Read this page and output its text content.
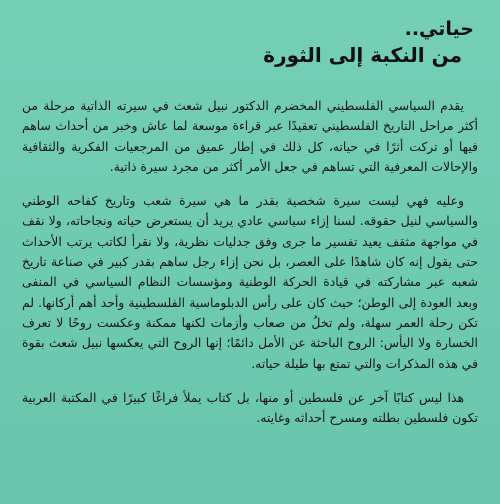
حياتي..
من النكبة إلى الثورة

يقدم السياسي الفلسطيني المخضرم الدكتور نبيل شعث في سيرته الذاتية مرحلة من أكثر مراحل التاريخ الفلسطيني تعقيدًا عبر قراءة موسعة لما عاش وخبر من أحداث ساهم فيها أو تركت أثرًا في حياته، كل ذلك في إطار عميق من المرجعيات الفكرية والثقافية والإحالات المعرفية التي تساهم في جعل الأمر أكثر من مجرد سيرة ذاتية.

وعليه فهي ليست سيرة شخصية بقدر ما هي سيرة شعب وتاريخ كفاحه الوطني والسياسي لنيل حقوقه. لسنا إزاء سياسي عادي يريد أن يستعرض حياته ونجاحاته، ولا نقف في مواجهة مثقف يعيد تفسير ما جرى وفق جدليات نظرية، ولا نقرأ لكاتب يرتب الأحداث حتى يقول إنه كان شاهدًا على العصر، بل نحن إزاء رجل ساهم بقدر كبير في صناعة تاريخ شعبه عبر مشاركته في قيادة الحركة الوطنية ومؤسسات النظام السياسي في المنفى وبعد العودة إلى الوطن؛ حيث كان على رأس الدبلوماسية الفلسطينية وأحد أهم أركانها. لم تكن رحلة العمر سهلة، ولم تخلُ من صعاب وأزمات لكنها ممكنة وعكست روحًا لا تعرف الخسارة ولا اليأس: الروح الباحثة عن الأمل دائمًا؛ إنها الروح التي يعكسها نبيل شعث بقوة في هذه المذكرات والتي تمتع بها طيلة حياته.

هذا ليس كتابًا آخر عن فلسطين أو منها، بل كتاب يملأ فراغًا كبيرًا في المكتبة العربية تكون فلسطين بطلته ومسرح أحداثه وغايته.
